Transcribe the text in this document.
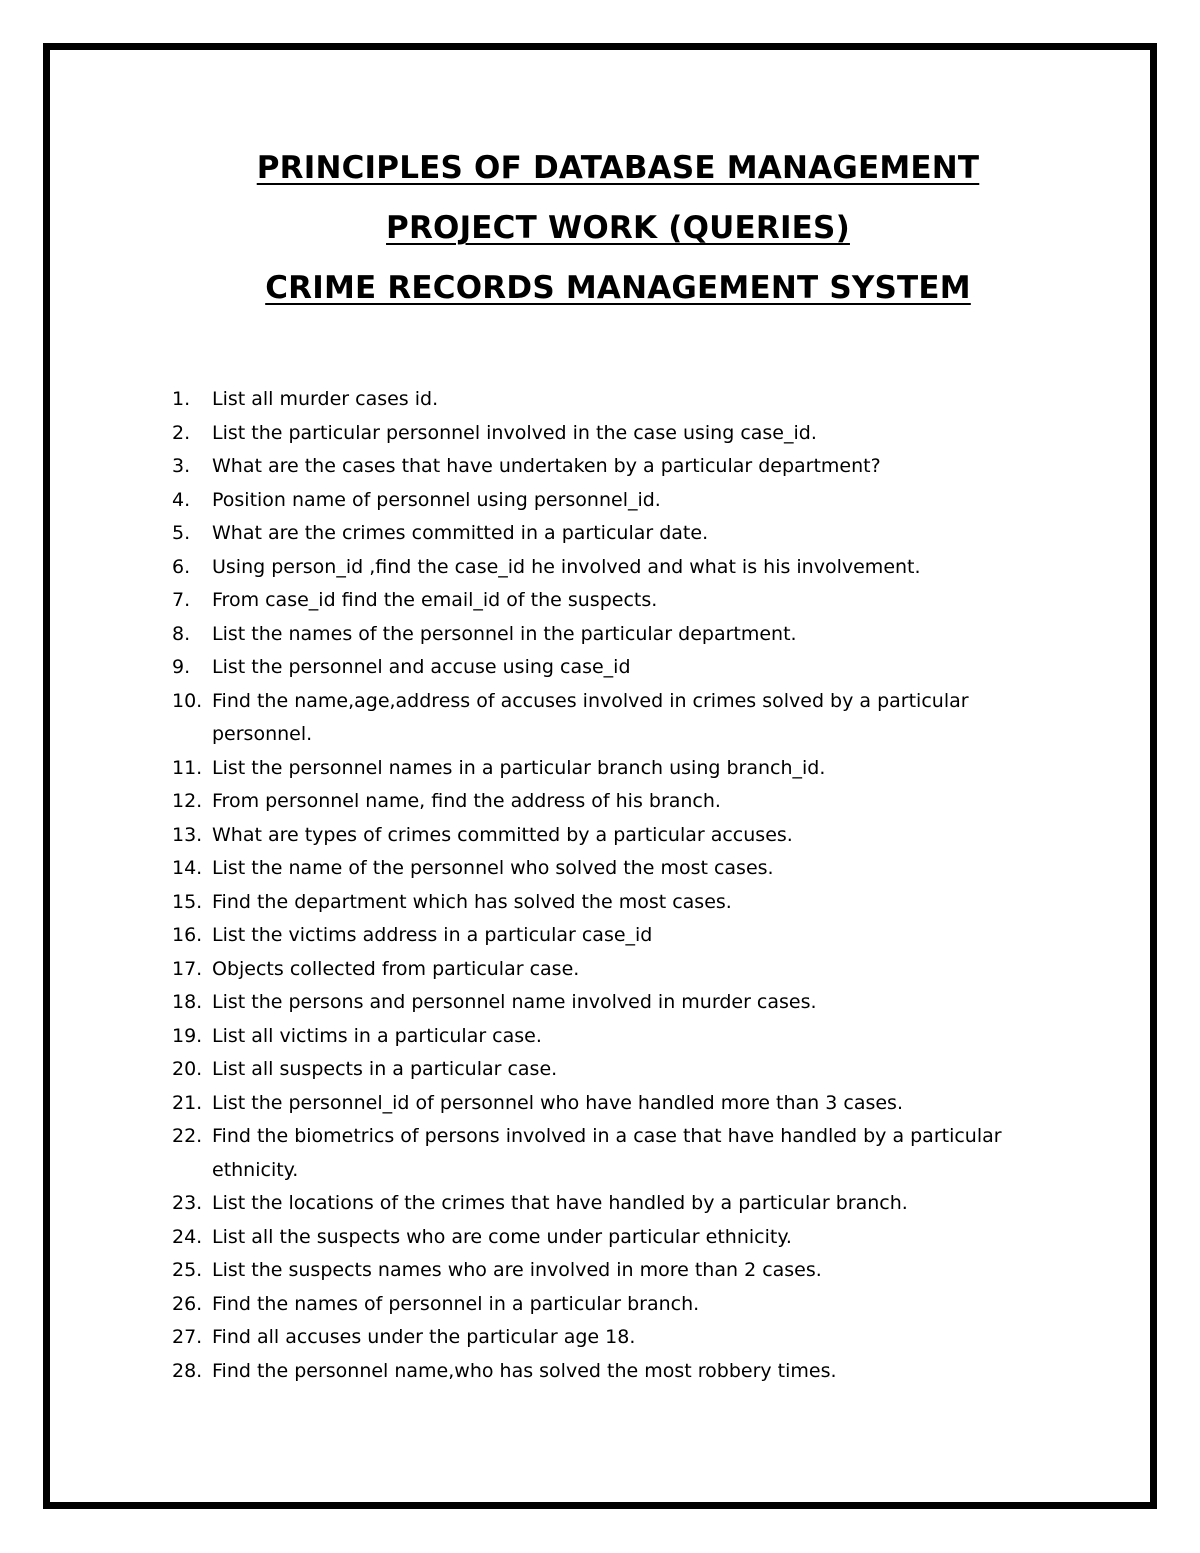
PRINCIPLES OF DATABASE MANAGEMENT
PROJECT WORK (QUERIES)
CRIME RECORDS MANAGEMENT SYSTEM
1. List all murder cases id.
2. List the particular personnel involved in the case using case_id.
3. What are the cases that have undertaken by a particular department?
4. Position name of personnel using personnel_id.
5. What are the crimes committed in a particular date.
6. Using person_id ,find the case_id he involved and what is his involvement.
7. From case_id find the email_id of the suspects.
8. List the names of the personnel in the particular department.
9. List the personnel and accuse using case_id
10. Find the name,age,address of accuses involved in crimes solved by a particular personnel.
11. List the personnel names in a particular branch using branch_id.
12. From personnel name, find the address of his branch.
13. What are types of crimes committed by a particular accuses.
14. List the name of the personnel who solved the most cases.
15. Find the department which has solved the most cases.
16. List the victims address in a particular case_id
17. Objects collected from particular case.
18. List the persons and personnel name involved in murder cases.
19. List all victims in a particular case.
20. List all suspects in a particular case.
21. List the personnel_id of personnel who have handled more than 3 cases.
22. Find the biometrics of persons involved in a case that have handled by a particular ethnicity.
23. List the locations of the crimes that have handled by a particular branch.
24. List all the suspects who are come under particular ethnicity.
25. List the suspects names who are involved in more than 2 cases.
26. Find the names of personnel in a particular branch.
27. Find all accuses under the particular age 18.
28. Find the personnel name,who has solved the most robbery times.
